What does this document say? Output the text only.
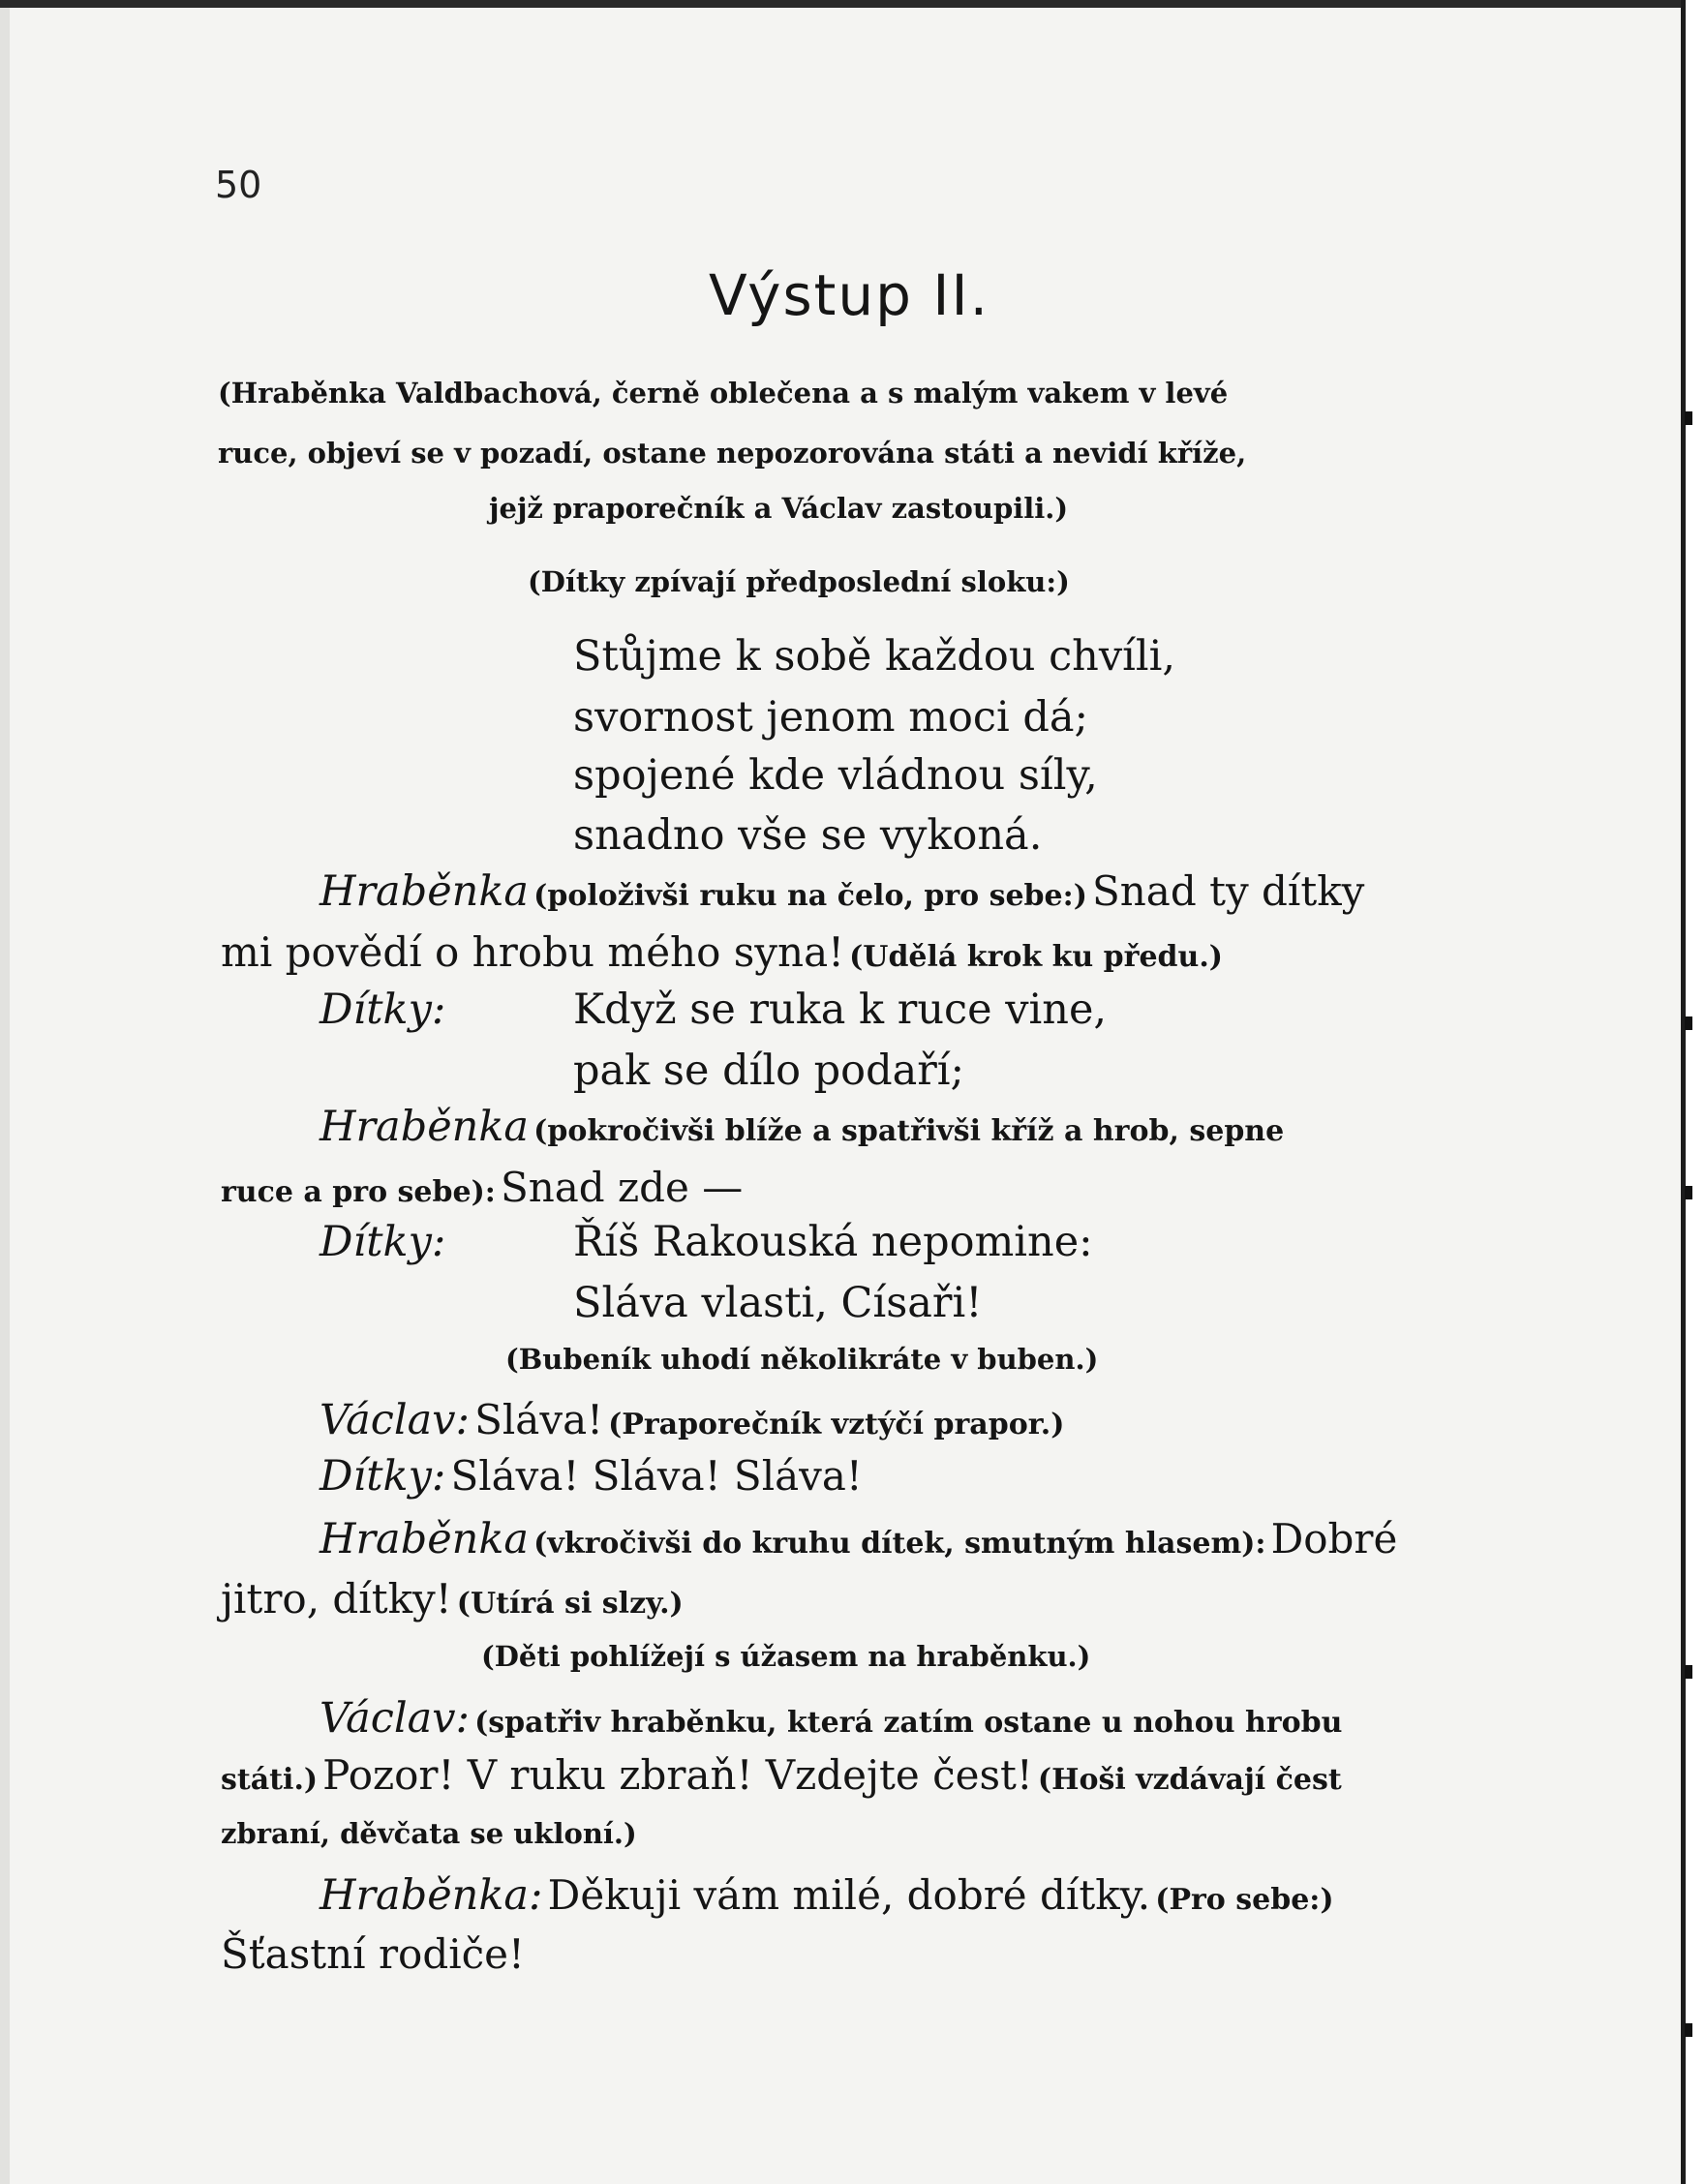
50

Výstup II.

(Hraběnka Valdbachová, černě oblečena a s malým vakem v levé

ruce, objeví se v pozadí, ostane nepozorována státi a nevidí kříže,

jejž praporečník a Václav zastoupili.)

(Dítky zpívají předposlední sloku:)

Stůjme k sobě každou chvíli,

svornost jenom moci dá;

spojené kde vládnou síly,

snadno vše se vykoná.

Hraběnka (položivši ruku na čelo, pro sebe:) Snad ty dítky

mi povědí o hrobu mého syna! (Udělá krok ku předu.)

Dítky:	Když se ruka k ruce vine,

pak se dílo podaří;

Hraběnka (pokročivši blíže a spatřivši kříž a hrob, sepne

ruce a pro sebe): Snad zde —

Dítky:	Říš Rakouská nepomine:

Sláva vlasti, Císaři!

(Bubeník uhodí několikráte v buben.)

Václav: Sláva! (Praporečník vztýčí prapor.)

Dítky: Sláva! Sláva! Sláva!

Hraběnka (vkročivši do kruhu dítek, smutným hlasem): Dobré

jitro, dítky! (Utírá si slzy.)

(Děti pohlížejí s úžasem na hraběnku.)

Václav: (spatřiv hraběnku, která zatím ostane u nohou hrobu

státi.) Pozor! V ruku zbraň! Vzdejte čest! (Hoši vzdávají čest

zbraní, děvčata se ukloní.)

Hraběnka: Děkuji vám milé, dobré dítky. (Pro sebe:)

Šťastní rodiče!
